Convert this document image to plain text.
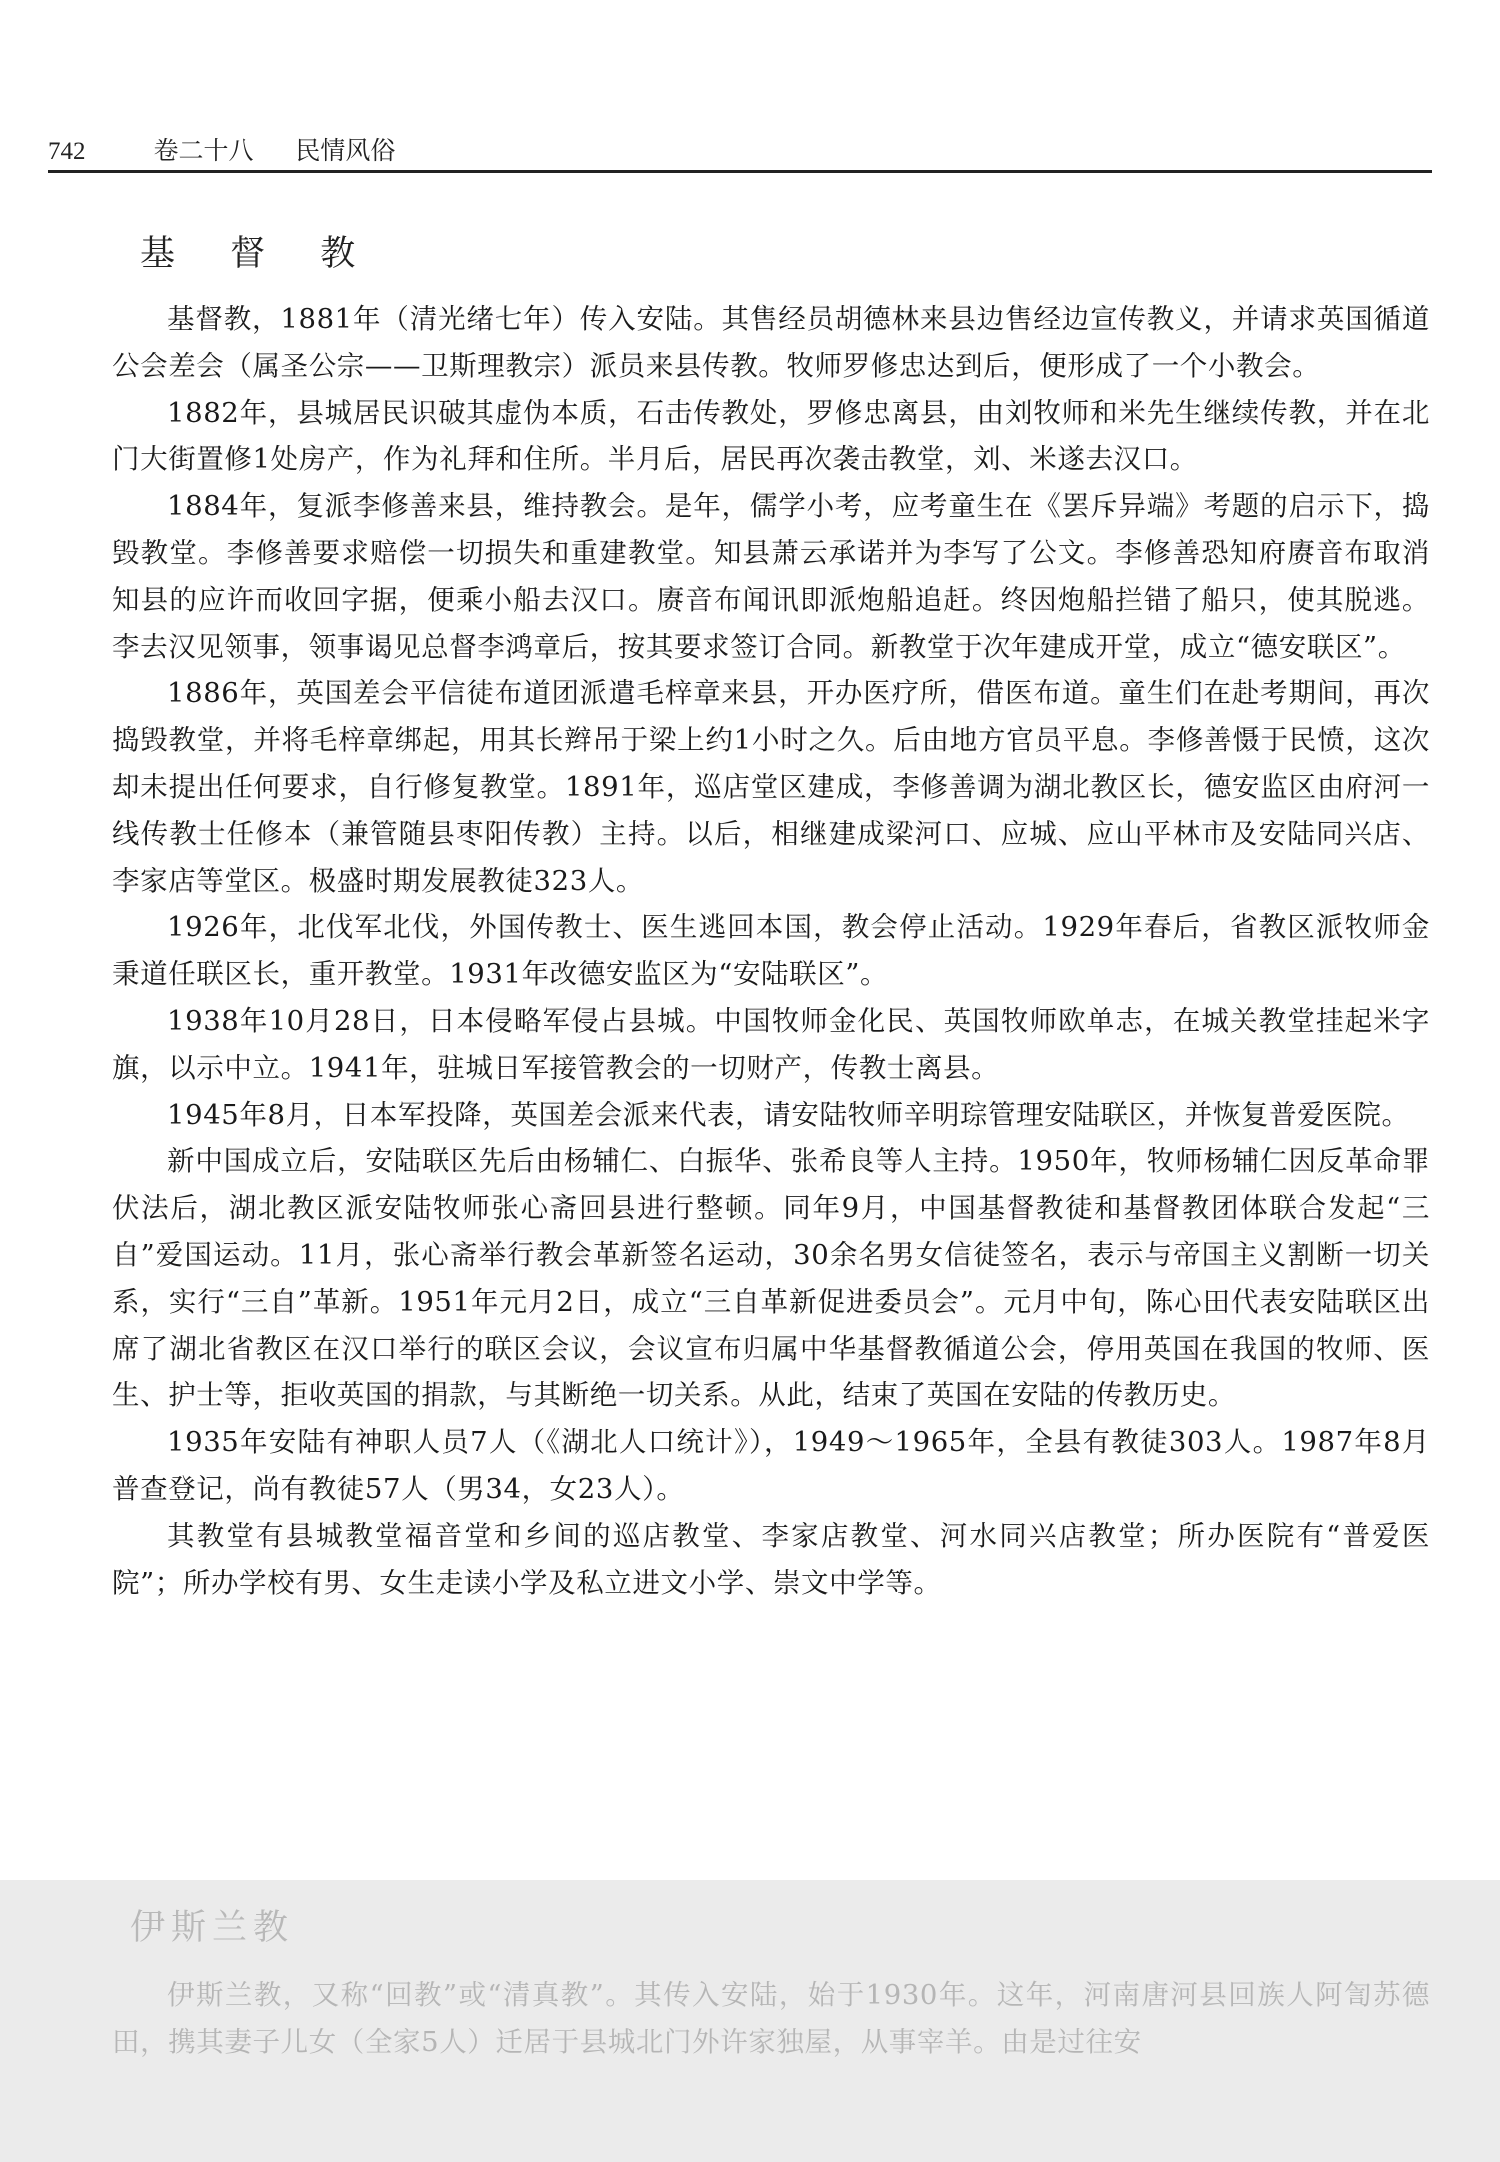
742	卷二十八 民情风俗
基 督 教

基督教，1881年（清光绪七年）传入安陆。其售经员胡德林来县边售经边宣传教义，并请求英国循道公会差会（属圣公宗——卫斯理教宗）派员来县传教。牧师罗修忠达到后，便形成了一个小教会。

1882年，县城居民识破其虚伪本质，石击传教处，罗修忠离县，由刘牧师和米先生继续传教，并在北门大街置修1处房产，作为礼拜和住所。半月后，居民再次袭击教堂，刘、米遂去汉口。

1884年，复派李修善来县，维持教会。是年，儒学小考，应考童生在《罢斥异端》考题的启示下，捣毁教堂。李修善要求赔偿一切损失和重建教堂。知县萧云承诺并为李写了公文。李修善恐知府赓音布取消知县的应许而收回字据，便乘小船去汉口。赓音布闻讯即派炮船追赶。终因炮船拦错了船只，使其脱逃。李去汉见领事，领事谒见总督李鸿章后，按其要求签订合同。新教堂于次年建成开堂，成立“德安联区”。

1886年，英国差会平信徒布道团派遣毛梓章来县，开办医疗所，借医布道。童生们在赴考期间，再次捣毁教堂，并将毛梓章绑起，用其长辫吊于梁上约1小时之久。后由地方官员平息。李修善慑于民愤，这次却未提出任何要求，自行修复教堂。1891年，巡店堂区建成，李修善调为湖北教区长，德安监区由府河一线传教士任修本（兼管随县枣阳传教）主持。以后，相继建成梁河口、应城、应山平林市及安陆同兴店、李家店等堂区。极盛时期发展教徒323人。

1926年，北伐军北伐，外国传教士、医生逃回本国，教会停止活动。1929年春后，省教区派牧师金秉道任联区长，重开教堂。1931年改德安监区为“安陆联区”。

1938年10月28日，日本侵略军侵占县城。中国牧师金化民、英国牧师欧单志，在城关教堂挂起米字旗，以示中立。1941年，驻城日军接管教会的一切财产，传教士离县。

1945年8月，日本军投降，英国差会派来代表，请安陆牧师辛明琮管理安陆联区，并恢复普爱医院。

新中国成立后，安陆联区先后由杨辅仁、白振华、张希良等人主持。1950年，牧师杨辅仁因反革命罪伏法后，湖北教区派安陆牧师张心斋回县进行整顿。同年9月，中国基督教徒和基督教团体联合发起“三自”爱国运动。11月，张心斋举行教会革新签名运动，30余名男女信徒签名，表示与帝国主义割断一切关系，实行“三自”革新。1951年元月2日，成立“三自革新促进委员会”。元月中旬，陈心田代表安陆联区出席了湖北省教区在汉口举行的联区会议，会议宣布归属中华基督教循道公会，停用英国在我国的牧师、医生、护士等，拒收英国的捐款，与其断绝一切关系。从此，结束了英国在安陆的传教历史。

1935年安陆有神职人员7人（《湖北人口统计》），1949～1965年，全县有教徒303人。1987年8月普查登记，尚有教徒57人（男34，女23人）。

其教堂有县城教堂福音堂和乡间的巡店教堂、李家店教堂、河水同兴店教堂；所办医院有“普爱医院”；所办学校有男、女生走读小学及私立进文小学、崇文中学等。

伊斯兰教

伊斯兰教，又称“回教”或“清真教”。其传入安陆，始于1930年。这年，河南唐河县回族人阿訇苏德田，携其妻子儿女（全家5人）迁居于县城北门外许家独屋，从事宰羊。由是过往安
